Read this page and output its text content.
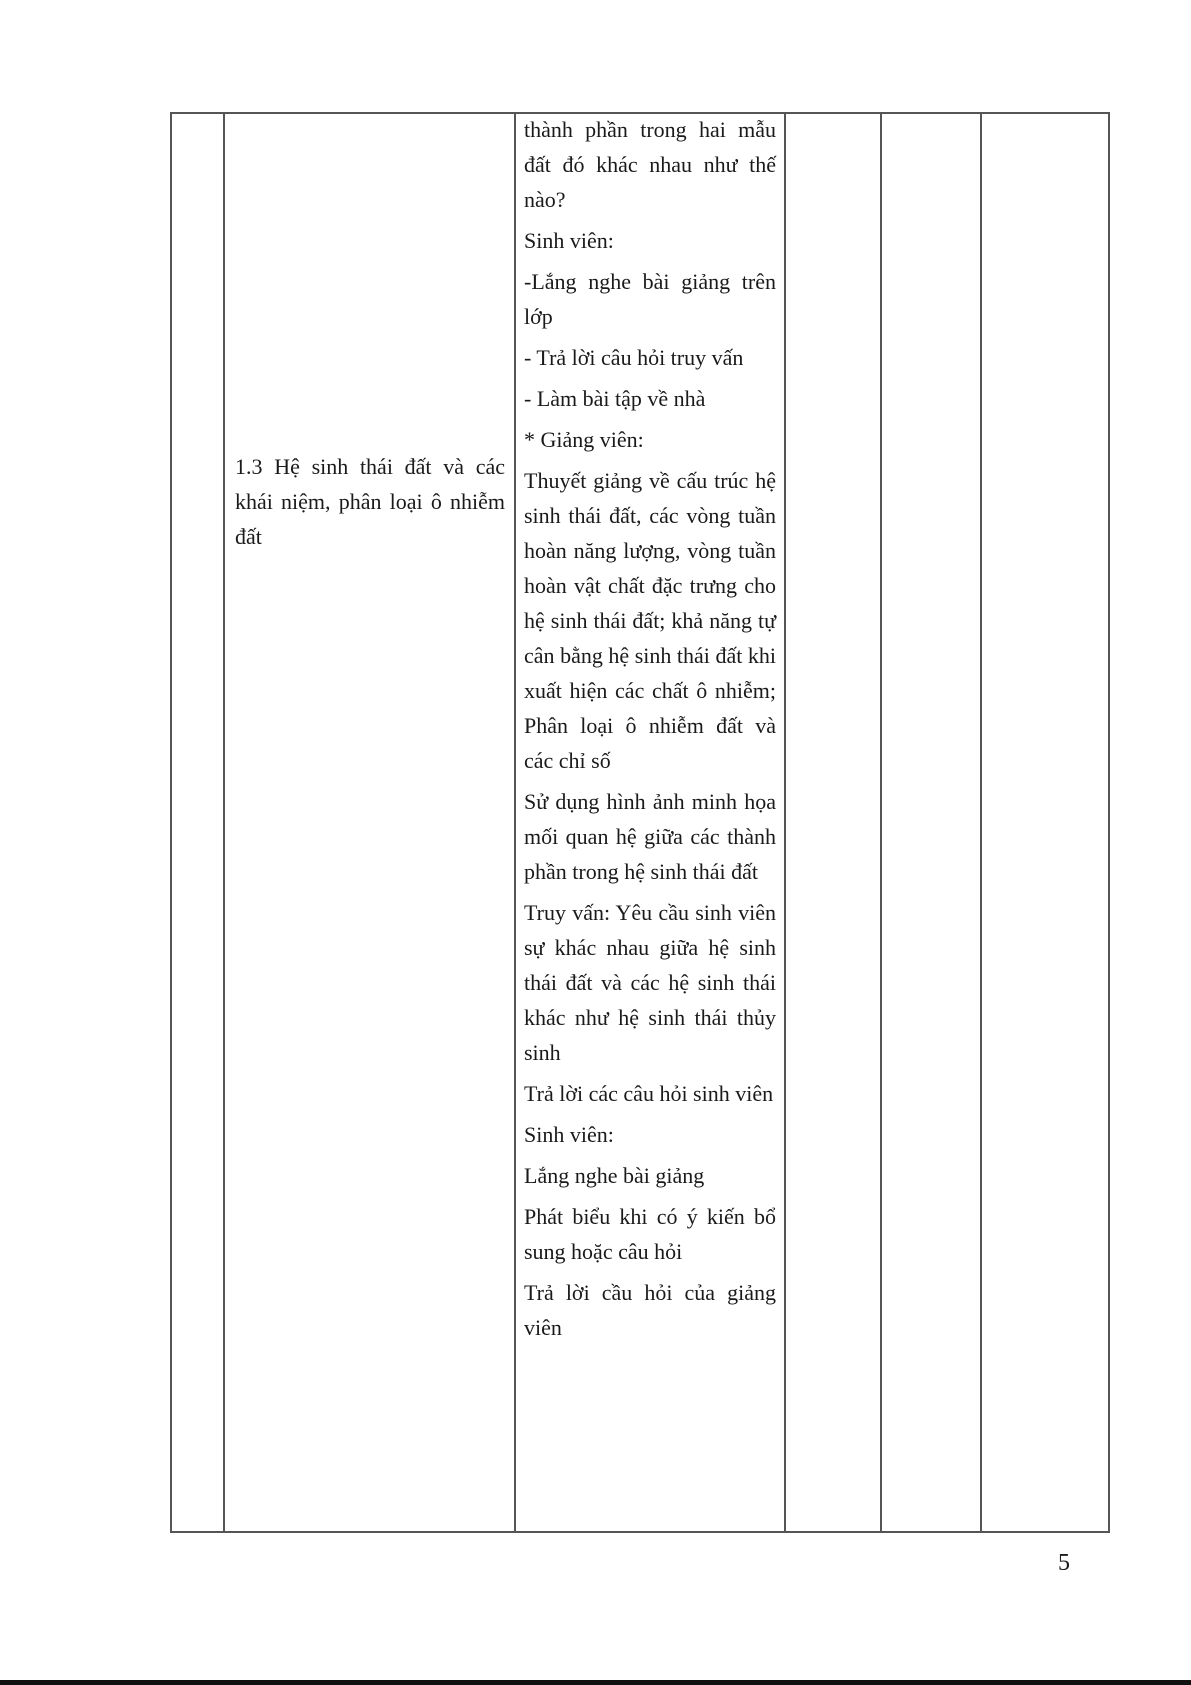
1.3 Hệ sinh thái đất và các khái niệm, phân loại ô nhiễm đất

thành phần trong hai mẫu đất đó khác nhau như thế nào?

Sinh viên:

-Lắng nghe bài giảng trên lớp

- Trả lời câu hỏi truy vấn

- Làm bài tập về nhà

* Giảng viên:

Thuyết giảng về cấu trúc hệ sinh thái đất, các vòng tuần hoàn năng lượng, vòng tuần hoàn vật chất đặc trưng cho hệ sinh thái đất; khả năng tự cân bằng hệ sinh thái đất khi xuất hiện các chất ô nhiễm; Phân loại ô nhiễm đất và các chỉ số

Sử dụng hình ảnh minh họa mối quan hệ giữa các thành phần trong hệ sinh thái đất

Truy vấn: Yêu cầu sinh viên sự khác nhau giữa hệ sinh thái đất và các hệ sinh thái khác như hệ sinh thái thủy sinh

Trả lời các câu hỏi sinh viên

Sinh viên:

Lắng nghe bài giảng

Phát biểu khi có ý kiến bổ sung hoặc câu hỏi

Trả lời cầu hỏi của giảng viên

5
